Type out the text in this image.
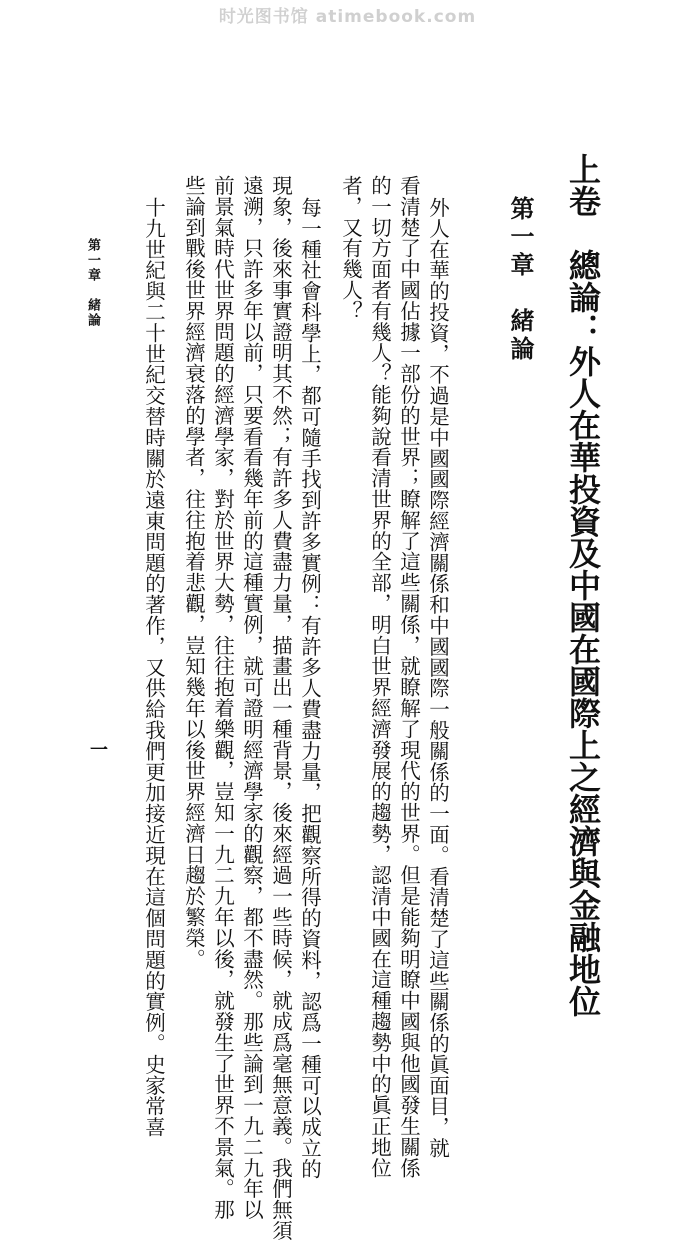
时光图书馆 atimebook.com
上卷　總論：外人在華投資及中國在國際上之經濟與金融地位
第一章　緒論
外人在華的投資，不過是中國國際經濟關係和中國國際一般關係的一面。看清楚了這些關係的眞面目，就
看清楚了中國佔據一部份的世界；瞭解了這些關係，就瞭解了現代的世界。但是能夠明瞭中國與他國發生關係
的一切方面者有幾人？能夠說看清世界的全部，明白世界經濟發展的趨勢，認清中國在這種趨勢中的眞正地位
者，又有幾人？
每一種社會科學上，都可隨手找到許多實例：有許多人費盡力量，把觀察所得的資料，認爲一種可以成立的
現象，後來事實證明其不然；有許多人費盡力量，描畫出一種背景，後來經過一些時候，就成爲毫無意義。我們無須
遠溯，只許多年以前，只要看看幾年前的這種實例，就可證明經濟學家的觀察，都不盡然。那些論到一九二九年以
前景氣時代世界問題的經濟學家，對於世界大勢，往往抱着樂觀，豈知一九二九年以後，就發生了世界不景氣。那
些論到戰後世界經濟衰落的學者，往往抱着悲觀，豈知幾年以後世界經濟日趨於繁榮。
十九世紀與二十世紀交替時關於遠東問題的著作，又供給我們更加接近現在這個問題的實例。史家常喜
第一章　緒論
一
